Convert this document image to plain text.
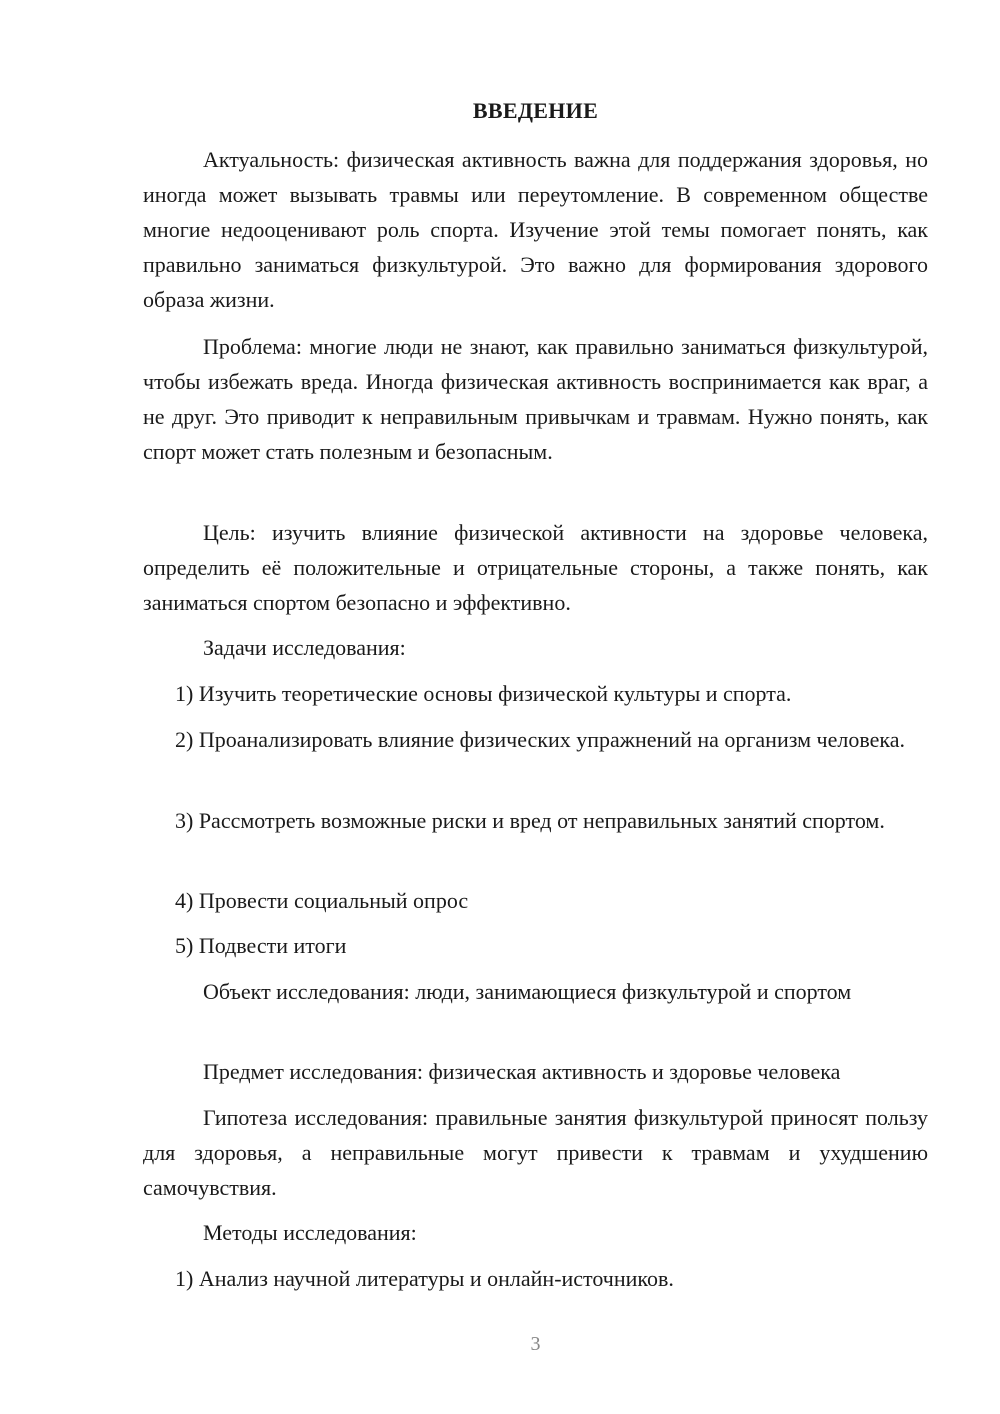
ВВЕДЕНИЕ

Актуальность: физическая активность важна для поддержания здоровья, но иногда может вызывать травмы или переутомление. В современном обществе многие недооценивают роль спорта. Изучение этой темы помогает понять, как правильно заниматься физкультурой. Это важно для формирования здорового образа жизни.

Проблема: многие люди не знают, как правильно заниматься физкультурой, чтобы избежать вреда. Иногда физическая активность воспринимается как враг, а не друг. Это приводит к неправильным привычкам и травмам. Нужно понять, как спорт может стать полезным и безопасным.

Цель: изучить влияние физической активности на здоровье человека, определить её положительные и отрицательные стороны, а также понять, как заниматься спортом безопасно и эффективно.

Задачи исследования:

1) Изучить теоретические основы физической культуры и спорта.

2) Проанализировать влияние физических упражнений на организм человека.

3) Рассмотреть возможные риски и вред от неправильных занятий спортом.

4) Провести социальный опрос

5) Подвести итоги

Объект исследования: люди, занимающиеся физкультурой и спортом

Предмет исследования: физическая активность и здоровье человека

Гипотеза исследования: правильные занятия физкультурой приносят пользу для здоровья, а неправильные могут привести к травмам и ухудшению самочувствия.

Методы исследования:

1) Анализ научной литературы и онлайн-источников.

3
